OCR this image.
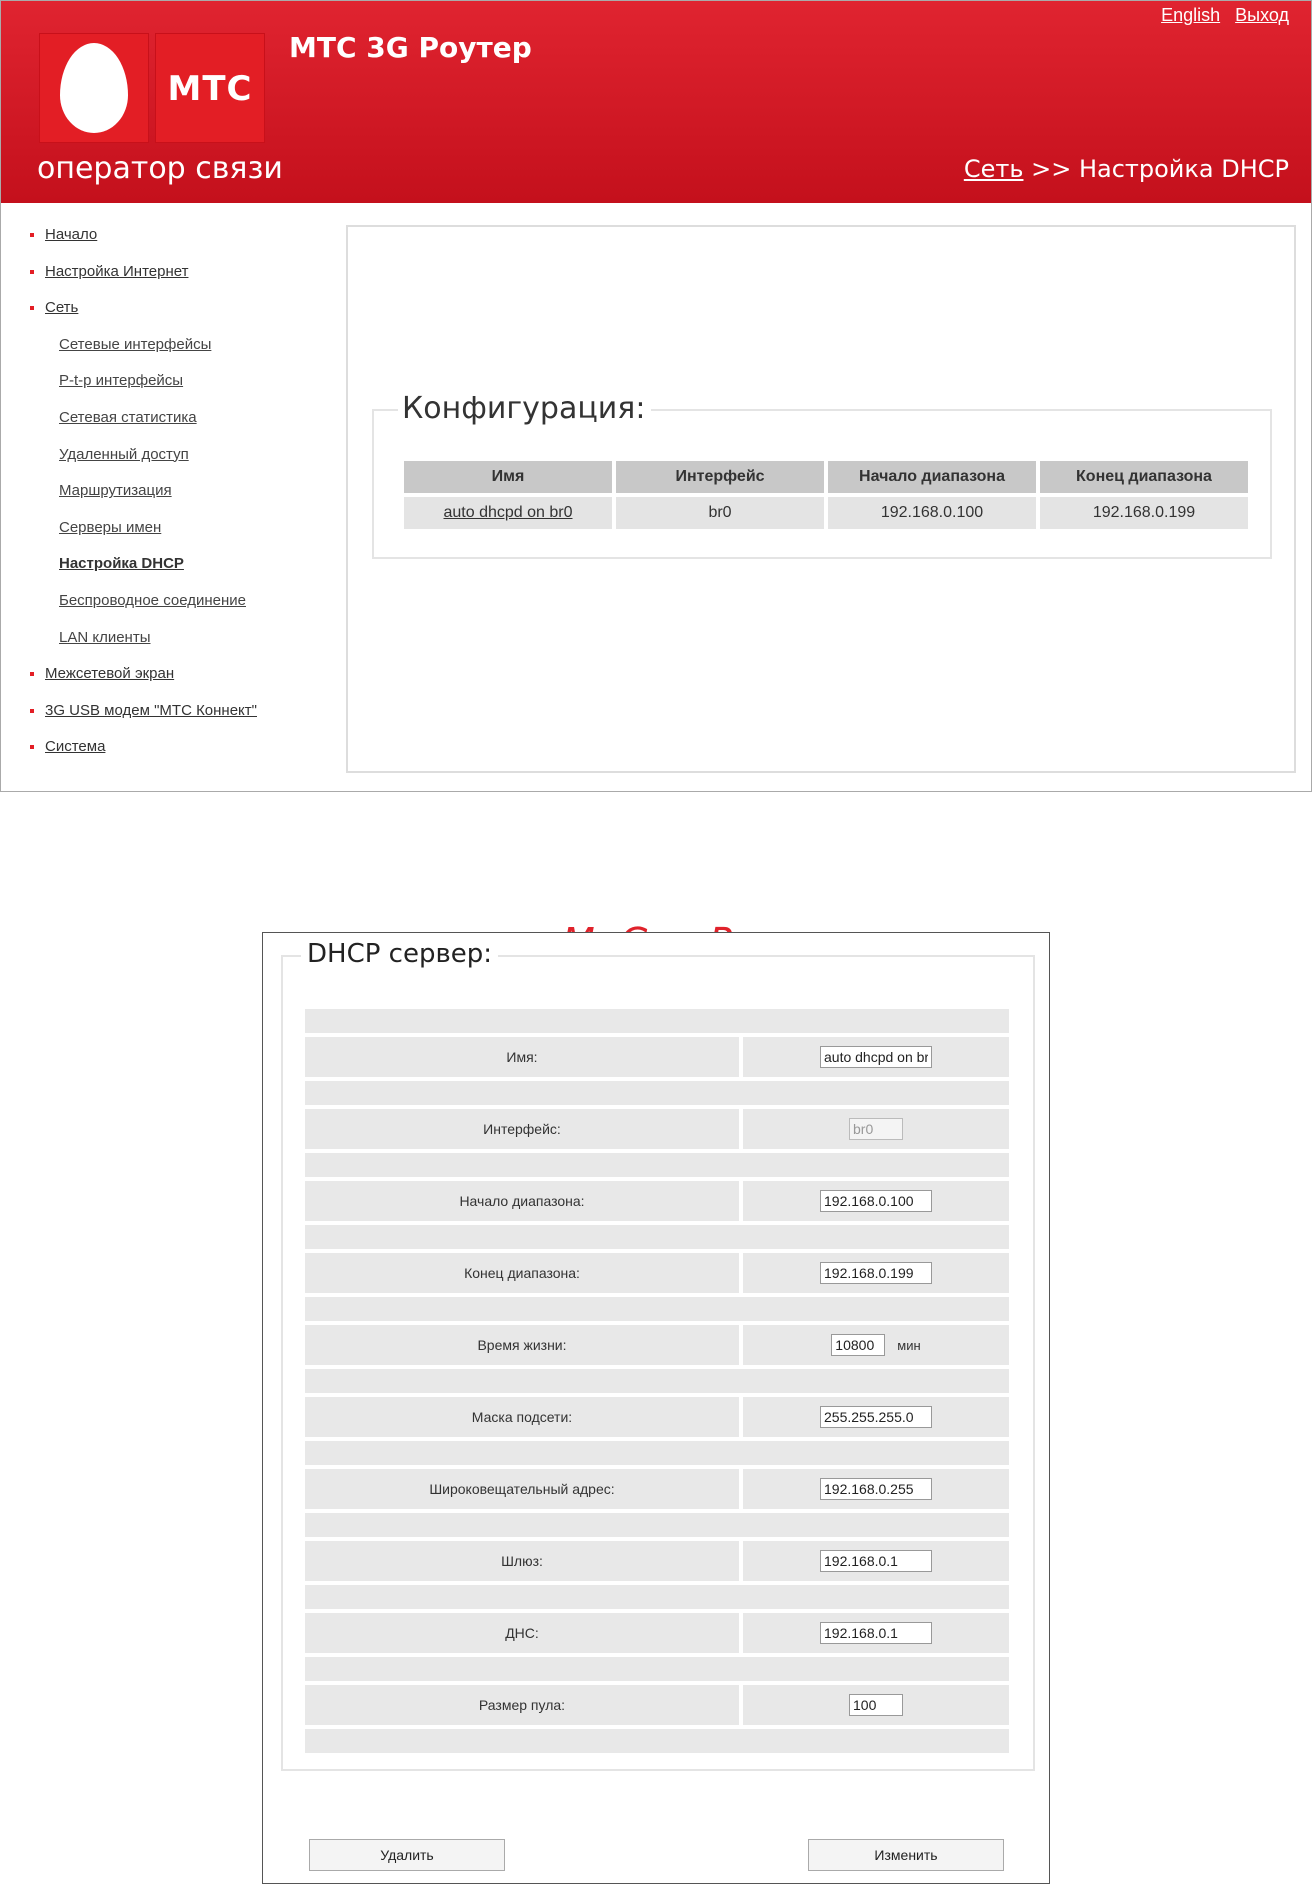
МТС
оператор связи
МТС 3G Роутер
English Выход
Сеть >> Настройка DHCP
Начало
Настройка Интернет
Сеть
Сетевые интерфейсы
P-t-p интерфейсы
Сетевая статистика
Удаленный доступ
Маршрутизация
Серверы имен
Настройка DHCP
Беспроводное соединение
LAN клиенты
Межсетевой экран
3G USB модем "МТС Коннект"
Система
Конфигурация:
Имя	Интерфейс	Начало диапазона	Конец диапазона
auto dhcpd on br0	br0	192.168.0.100	192.168.0.199
DHCP сервер:
Имя:
auto dhcpd on br0
Интерфейс:
br0
Начало диапазона:
192.168.0.100
Конец диапазона:
192.168.0.199
Время жизни:
10800	мин
Маска подсети:
255.255.255.0
Широковещательный адрес:
192.168.0.255
Шлюз:
192.168.0.1
ДНС:
192.168.0.1
Размер пула:
100
Удалить	Изменить
